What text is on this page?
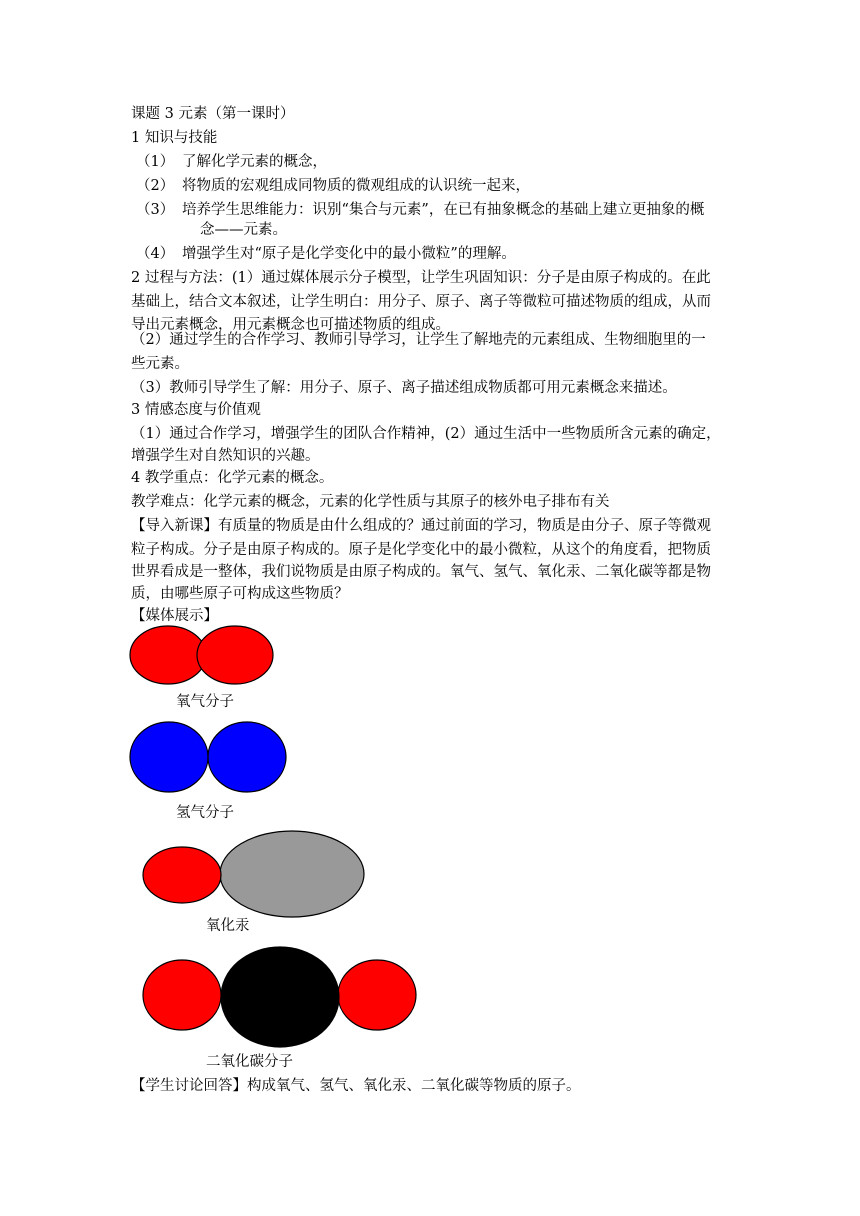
课题 3 元素（第一课时）
1 知识与技能
（1） 了解化学元素的概念，
（2） 将物质的宏观组成同物质的微观组成的认识统一起来，
（3） 培养学生思维能力：识别“集合与元素”，在已有抽象概念的基础上建立更抽象的概
念——元素。
（4） 增强学生对“原子是化学变化中的最小微粒”的理解。
2 过程与方法：(1）通过媒体展示分子模型，让学生巩固知识：分子是由原子构成的。在此
基础上，结合文本叙述，让学生明白：用分子、原子、离子等微粒可描述物质的组成，从而
导出元素概念，用元素概念也可描述物质的组成。
（2）通过学生的合作学习、教师引导学习，让学生了解地壳的元素组成、生物细胞里的一
些元素。
（3）教师引导学生了解：用分子、原子、离子描述组成物质都可用元素概念来描述。
3 情感态度与价值观
（1）通过合作学习，增强学生的团队合作精神，(2）通过生活中一些物质所含元素的确定，
增强学生对自然知识的兴趣。
4 教学重点：化学元素的概念。
教学难点：化学元素的概念，元素的化学性质与其原子的核外电子排布有关
【导入新课】有质量的物质是由什么组成的？通过前面的学习，物质是由分子、原子等微观
粒子构成。分子是由原子构成的。原子是化学变化中的最小微粒，从这个的角度看，把物质
世界看成是一整体，我们说物质是由原子构成的。氧气、氢气、氧化汞、二氧化碳等都是物
质，由哪些原子可构成这些物质？
【媒体展示】
氧气分子
氢气分子
氧化汞
二氧化碳分子
【学生讨论回答】构成氧气、氢气、氧化汞、二氧化碳等物质的原子。
